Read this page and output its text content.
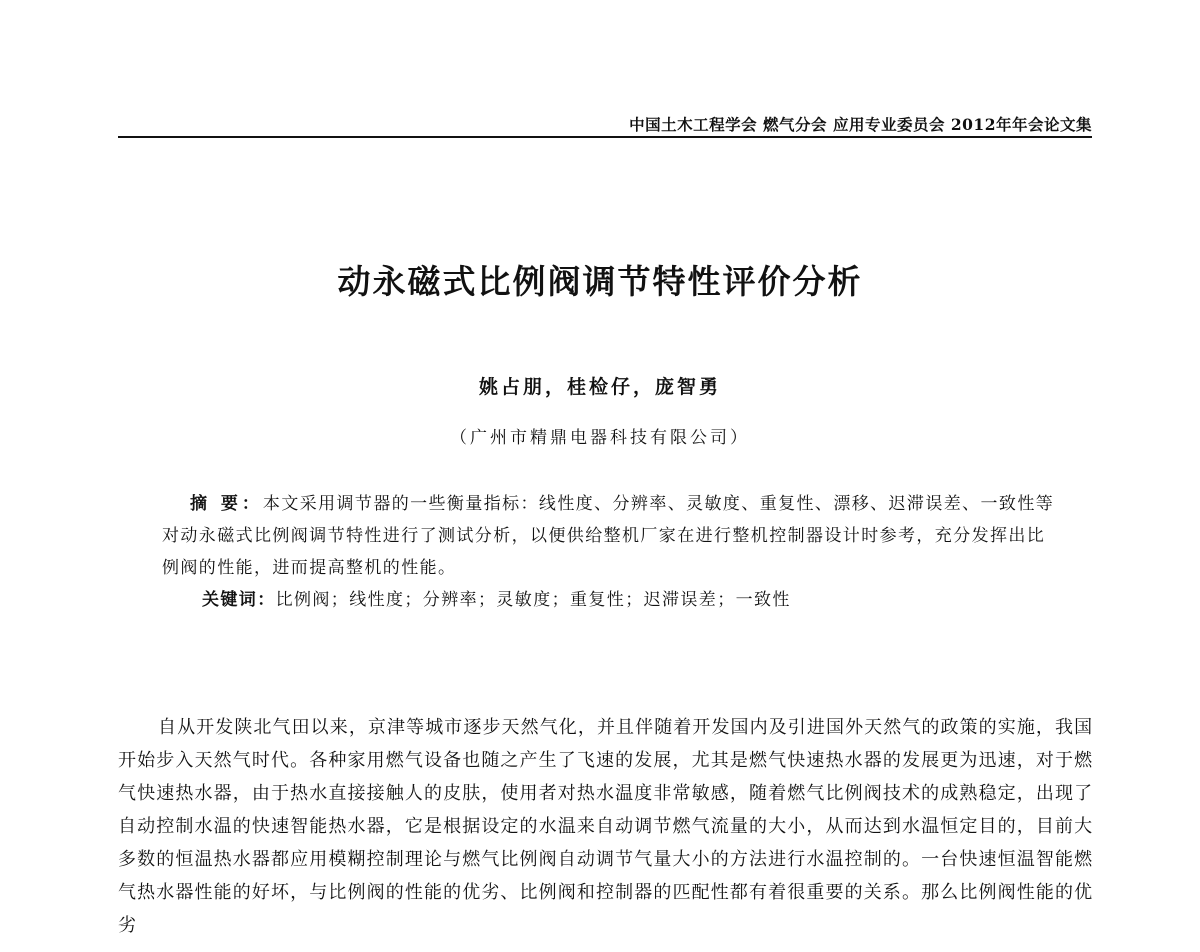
中国土木工程学会 燃气分会 应用专业委员会 2012年年会论文集
动永磁式比例阀调节特性评价分析
姚占朋，桂检仔，庞智勇
（广州市精鼎电器科技有限公司）

摘 要：本文采用调节器的一些衡量指标：线性度、分辨率、灵敏度、重复性、漂移、迟滞误差、一致性等对动永磁式比例阀调节特性进行了测试分析，以便供给整机厂家在进行整机控制器设计时参考，充分发挥出比例阀的性能，进而提高整机的性能。

关键词：比例阀；线性度；分辨率；灵敏度；重复性；迟滞误差；一致性

自从开发陕北气田以来，京津等城市逐步天然气化，并且伴随着开发国内及引进国外天然气的政策的实施，我国开始步入天然气时代。各种家用燃气设备也随之产生了飞速的发展，尤其是燃气快速热水器的发展更为迅速，对于燃气快速热水器，由于热水直接接触人的皮肤，使用者对热水温度非常敏感，随着燃气比例阀技术的成熟稳定，出现了自动控制水温的快速智能热水器，它是根据设定的水温来自动调节燃气流量的大小，从而达到水温恒定目的，目前大多数的恒温热水器都应用模糊控制理论与燃气比例阀自动调节气量大小的方法进行水温控制的。一台快速恒温智能燃气热水器性能的好坏，与比例阀的性能的优劣、比例阀和控制器的匹配性都有着很重要的关系。那么比例阀性能的优劣
